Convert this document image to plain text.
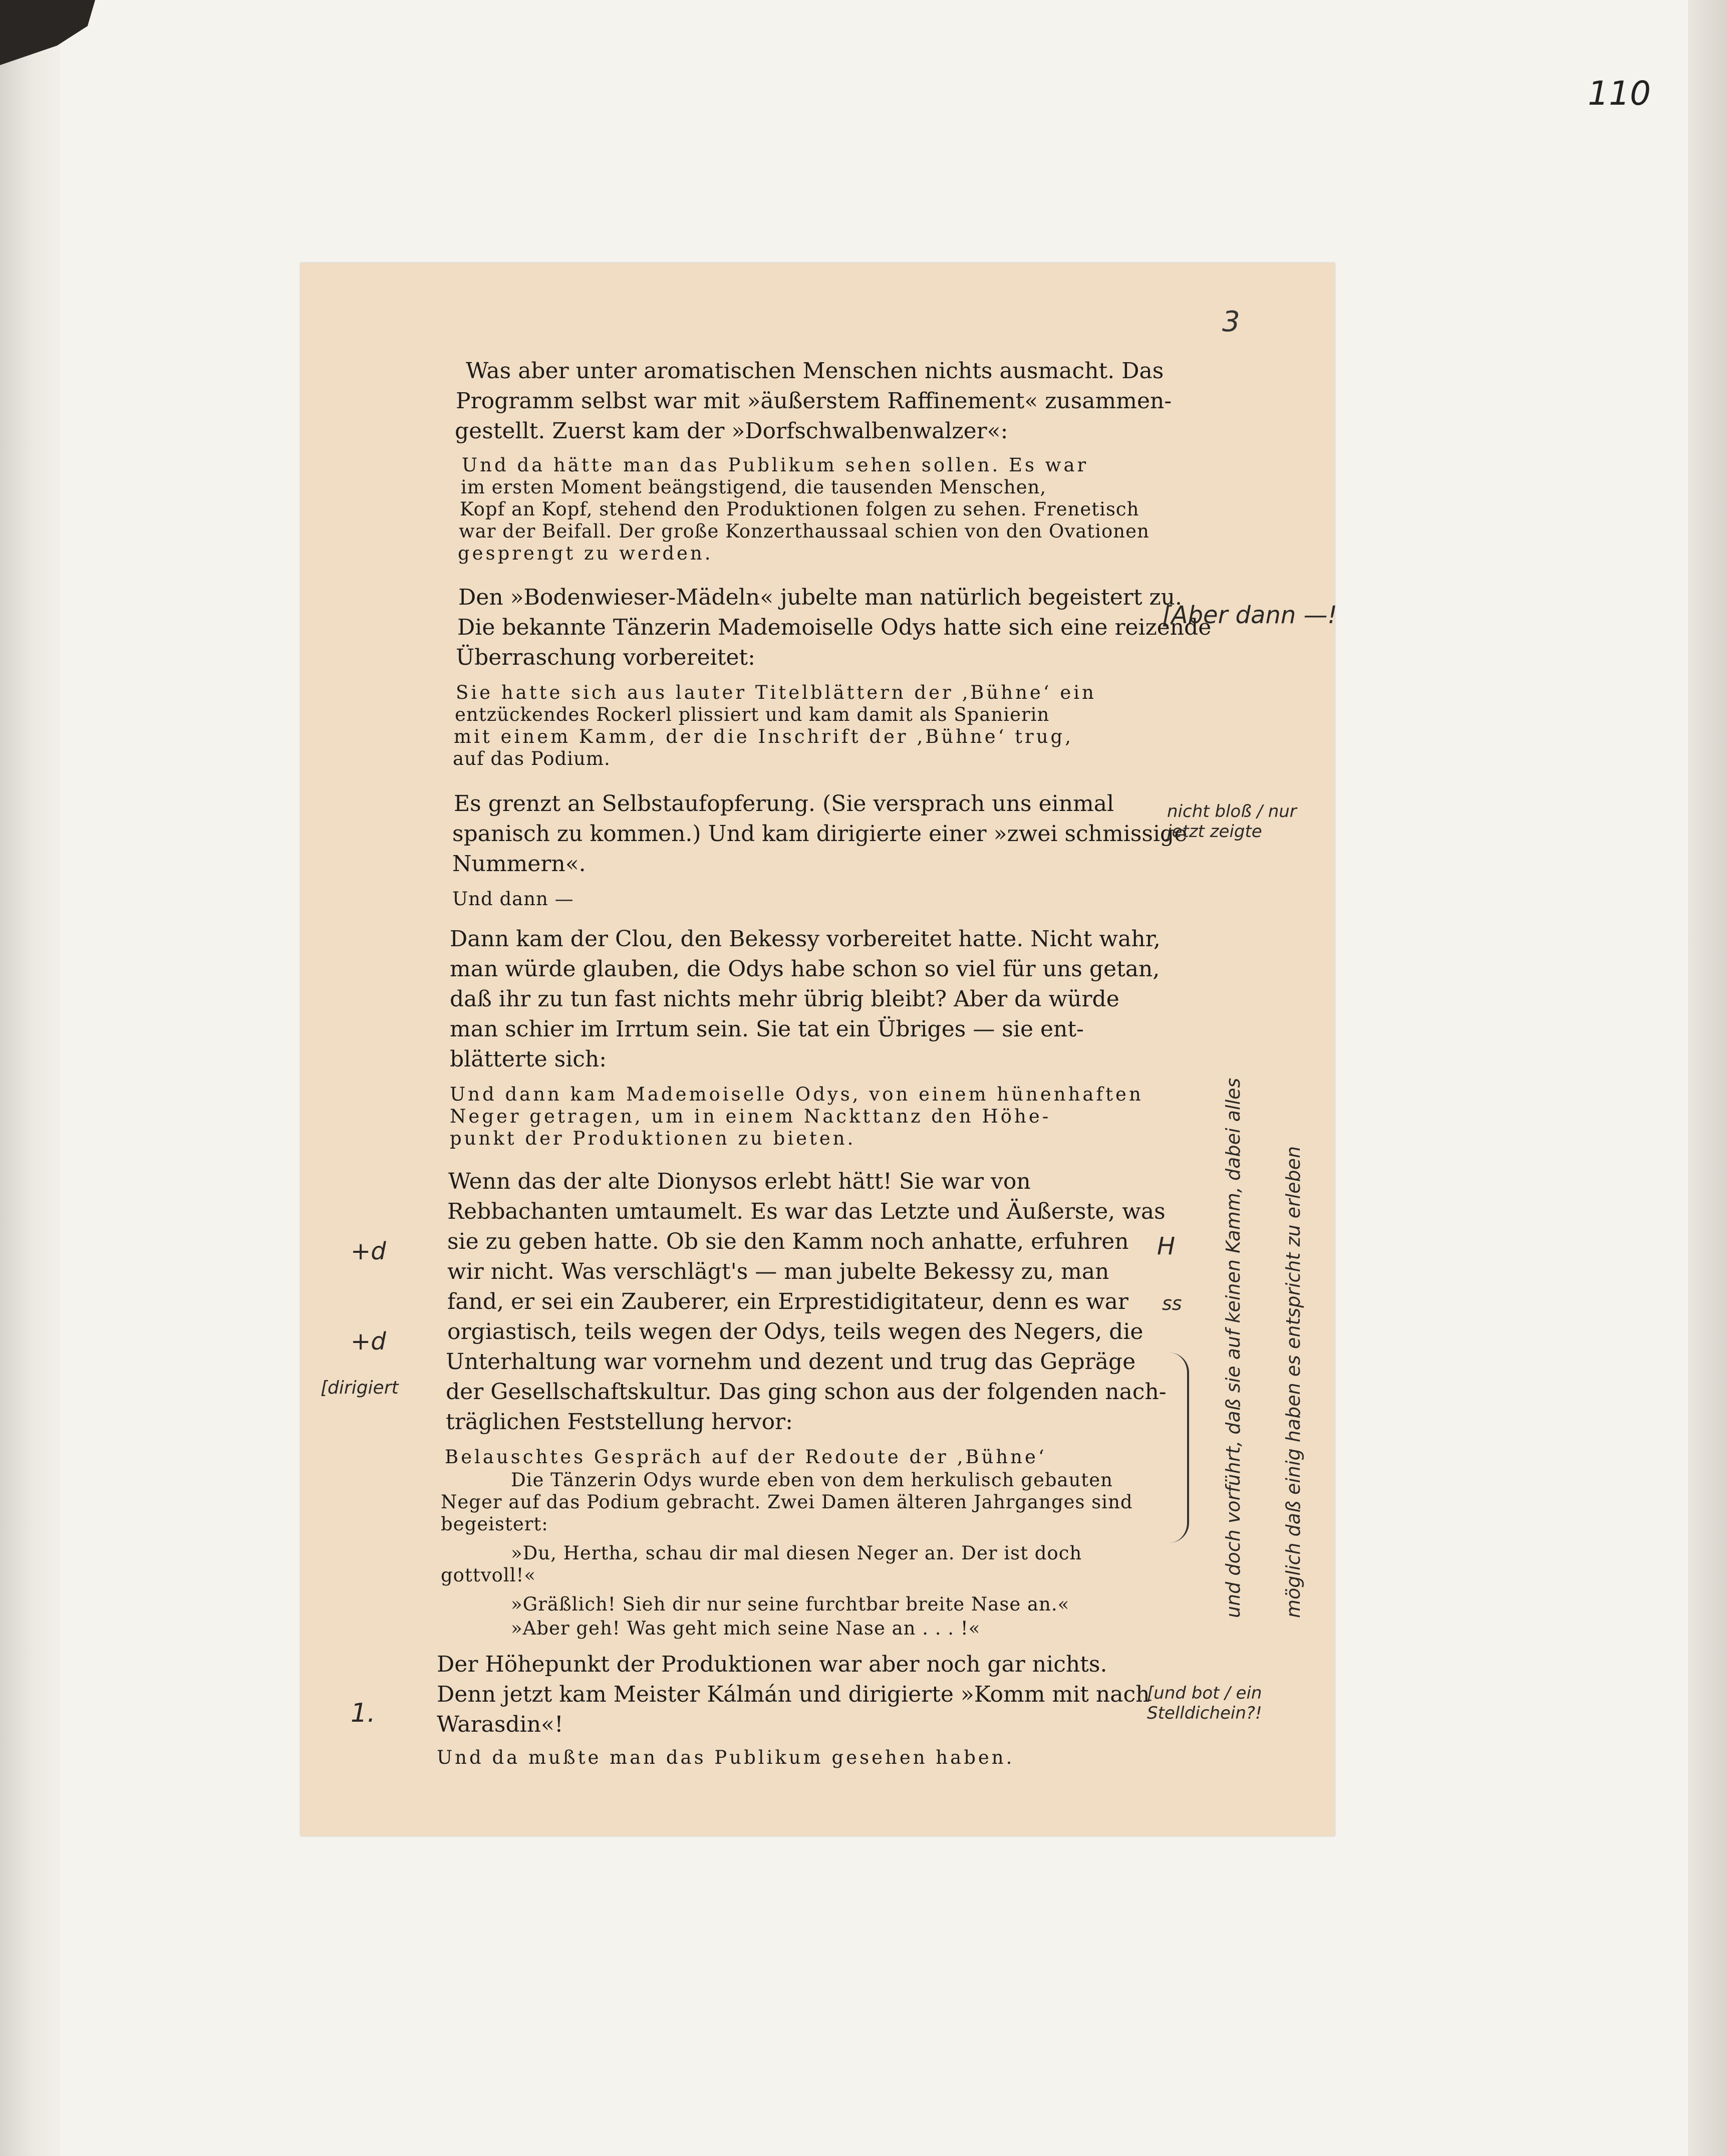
110
3

Was aber unter aromatischen Menschen nichts ausmacht. Das

Programm selbst war mit »äußerstem Raffinement« zusammen-

gestellt. Zuerst kam der »Dorfschwalbenwalzer«:

Und da hätte man das Publikum sehen sollen. Es war

im ersten Moment beängstigend, die tausenden Menschen,

Kopf an Kopf, stehend den Produktionen folgen zu sehen. Frenetisch

war der Beifall. Der große Konzerthaussaal schien von den Ovationen

gesprengt zu werden.

Den »Bodenwieser-Mädeln« jubelte man natürlich begeistert zu.

Die bekannte Tänzerin Mademoiselle Odys hatte sich eine reizende

Überraschung vorbereitet:

Sie hatte sich aus lauter Titelblättern der ‚Bühne‘ ein

entzückendes Rockerl plissiert und kam damit als Spanierin

mit einem Kamm, der die Inschrift der ‚Bühne‘ trug,

auf das Podium.

Es grenzt an Selbstaufopferung. (Sie versprach uns einmal

spanisch zu kommen.) Und kam dirigierte einer »zwei schmissige

Nummern«.

Und dann —

Dann kam der Clou, den Bekessy vorbereitet hatte. Nicht wahr,

man würde glauben, die Odys habe schon so viel für uns getan,

daß ihr zu tun fast nichts mehr übrig bleibt? Aber da würde

man schier im Irrtum sein. Sie tat ein Übriges — sie ent-

blätterte sich:

Und dann kam Mademoiselle Odys, von einem hünenhaften

Neger getragen, um in einem Nackttanz den Höhe-

punkt der Produktionen zu bieten.

Wenn das der alte Dionysos erlebt hätt! Sie war von

Rebbachanten umtaumelt. Es war das Letzte und Äußerste, was

sie zu geben hatte. Ob sie den Kamm noch anhatte, erfuhren

wir nicht. Was verschlägt's — man jubelte Bekessy zu, man

fand, er sei ein Zauberer, ein Erprestidigitateur, denn es war

orgiastisch, teils wegen der Odys, teils wegen des Negers, die

Unterhaltung war vornehm und dezent und trug das Gepräge

der Gesellschaftskultur. Das ging schon aus der folgenden nach-

träglichen Feststellung hervor:

Belauschtes Gespräch auf der Redoute der ‚Bühne‘

Die Tänzerin Odys wurde eben von dem herkulisch gebauten

Neger auf das Podium gebracht. Zwei Damen älteren Jahrganges sind

begeistert:

»Du, Hertha, schau dir mal diesen Neger an. Der ist doch

gottvoll!«

»Gräßlich! Sieh dir nur seine furchtbar breite Nase an.«

»Aber geh! Was geht mich seine Nase an . . . !«

Der Höhepunkt der Produktionen war aber noch gar nichts.

Denn jetzt kam Meister Kálmán und dirigierte »Komm mit nach

Warasdin«!

Und da mußte man das Publikum gesehen haben.

[Aber dann —!
nicht bloß / nur jetzt zeigte
H
ss
[und bot / ein Stelldichein?!
+d
+d
[dirigiert
1.
und doch vorführt, daß sie auf keinen Kamm, dabei alles möglich daß einig haben es entspricht zu erleben
